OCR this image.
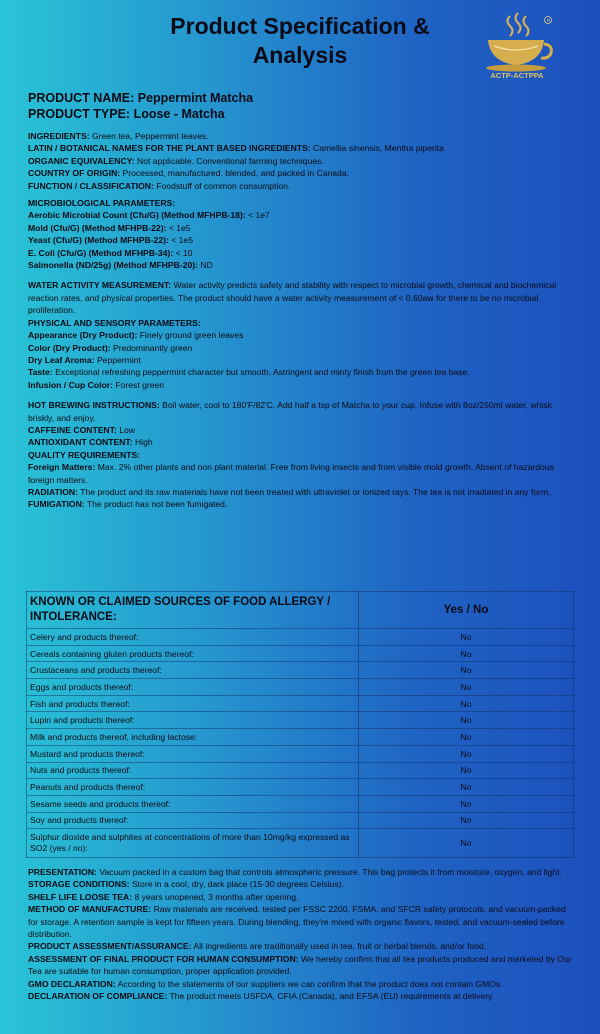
Product Specification &
Analysis
R
ACTP-ACTPPA
PRODUCT NAME: Peppermint Matcha
PRODUCT TYPE: Loose - Matcha

INGREDIENTS: Green tea, Peppermint leaves.

LATIN / BOTANICAL NAMES FOR THE PLANT BASED INGREDIENTS: Camellia sinensis, Mentha piperita

ORGANIC EQUIVALENCY: Not applicable. Conventional farming techniques.

COUNTRY OF ORIGIN: Processed, manufactured, blended, and packed in Canada.

FUNCTION / CLASSIFICATION: Foodstuff of common consumption.

MICROBIOLOGICAL PARAMETERS:

Aerobic Microbial Count (Cfu/G) (Method MFHPB-18): < 1e7

Mold (Cfu/G) (Method MFHPB-22): < 1e5

Yeast (Cfu/G) (Method MFHPB-22): < 1e5

E. Coli (Cfu/G) (Method MFHPB-34): < 10

Salmonella (ND/25g) (Method MFHPB-20): ND

WATER ACTIVITY MEASUREMENT: Water activity predicts safety and stability with respect to microbial growth, chemical and biochemical reaction rates, and physical properties. The product should have a water activity measurement of < 0.60aw for there to be no microbial proliferation.

PHYSICAL AND SENSORY PARAMETERS:

Appearance (Dry Product): Finely ground green leaves

Color (Dry Product): Predominantly green

Dry Leaf Aroma: Peppermint

Taste: Exceptional refreshing peppermint character but smooth. Astringent and minty finish from the green tea base.

Infusion / Cup Color: Forest green

HOT BREWING INSTRUCTIONS: Boil water, cool to 180'F/82'C. Add half a tsp of Matcha to your cup. Infuse with 8oz/250ml water, whisk briskly, and enjoy.

CAFFEINE CONTENT: Low

ANTIOXIDANT CONTENT: High

QUALITY REQUIREMENTS:

Foreign Matters: Max. 2% other plants and non plant material. Free from living insects and from visible mold growth. Absent of hazardous foreign matters.

RADIATION: The product and its raw materials have not been treated with ultraviolet or ionized rays. The tea is not irradiated in any form.

FUMIGATION: The product has not been fumigated.

KNOWN OR CLAIMED SOURCES OF FOOD ALLERGY / INTOLERANCE:	Yes / No
Celery and products thereof:	No
Cereals containing gluten products thereof:	No
Crustaceans and products thereof:	No
Eggs and products thereof:	No
Fish and products thereof:	No
Lupin and products thereof:	No
Milk and products thereof, including lactose:	No
Mustard and products thereof:	No
Nuts and products thereof:	No
Peanuts and products thereof:	No
Sesame seeds and products thereof:	No
Soy and products thereof:	No
Sulphur dioxide and sulphites at concentrations of more than 10mg/kg expressed as SO2 (yes / no):	No

PRESENTATION: Vacuum packed in a custom bag that controls atmospheric pressure. This bag protects it from moisture, oxygen, and light.

STORAGE CONDITIONS: Store in a cool, dry, dark place (15-30 degrees Celsius).

SHELF LIFE LOOSE TEA: 8 years unopened, 3 months after opening.

METHOD OF MANUFACTURE: Raw materials are received, tested per FSSC 2200, FSMA, and SFCR safety protocols, and vacuum-packed for storage. A retention sample is kept for fifteen years. During blending, they're mixed with organic flavors, tested, and vacuum-sealed before distribution.

PRODUCT ASSESSMENT/ASSURANCE: All ingredients are traditionally used in tea, fruit or herbal blends, and/or food.

ASSESSMENT OF FINAL PRODUCT FOR HUMAN CONSUMPTION: We hereby confirm that all tea products produced and marketed by Our Tea are suitable for human consumption, proper application provided.

GMO DECLARATION: According to the statements of our suppliers we can confirm that the product does not contain GMOs.

DECLARATION OF COMPLIANCE: The product meets USFDA, CFIA (Canada), and EFSA (EU) requirements at delivery.
